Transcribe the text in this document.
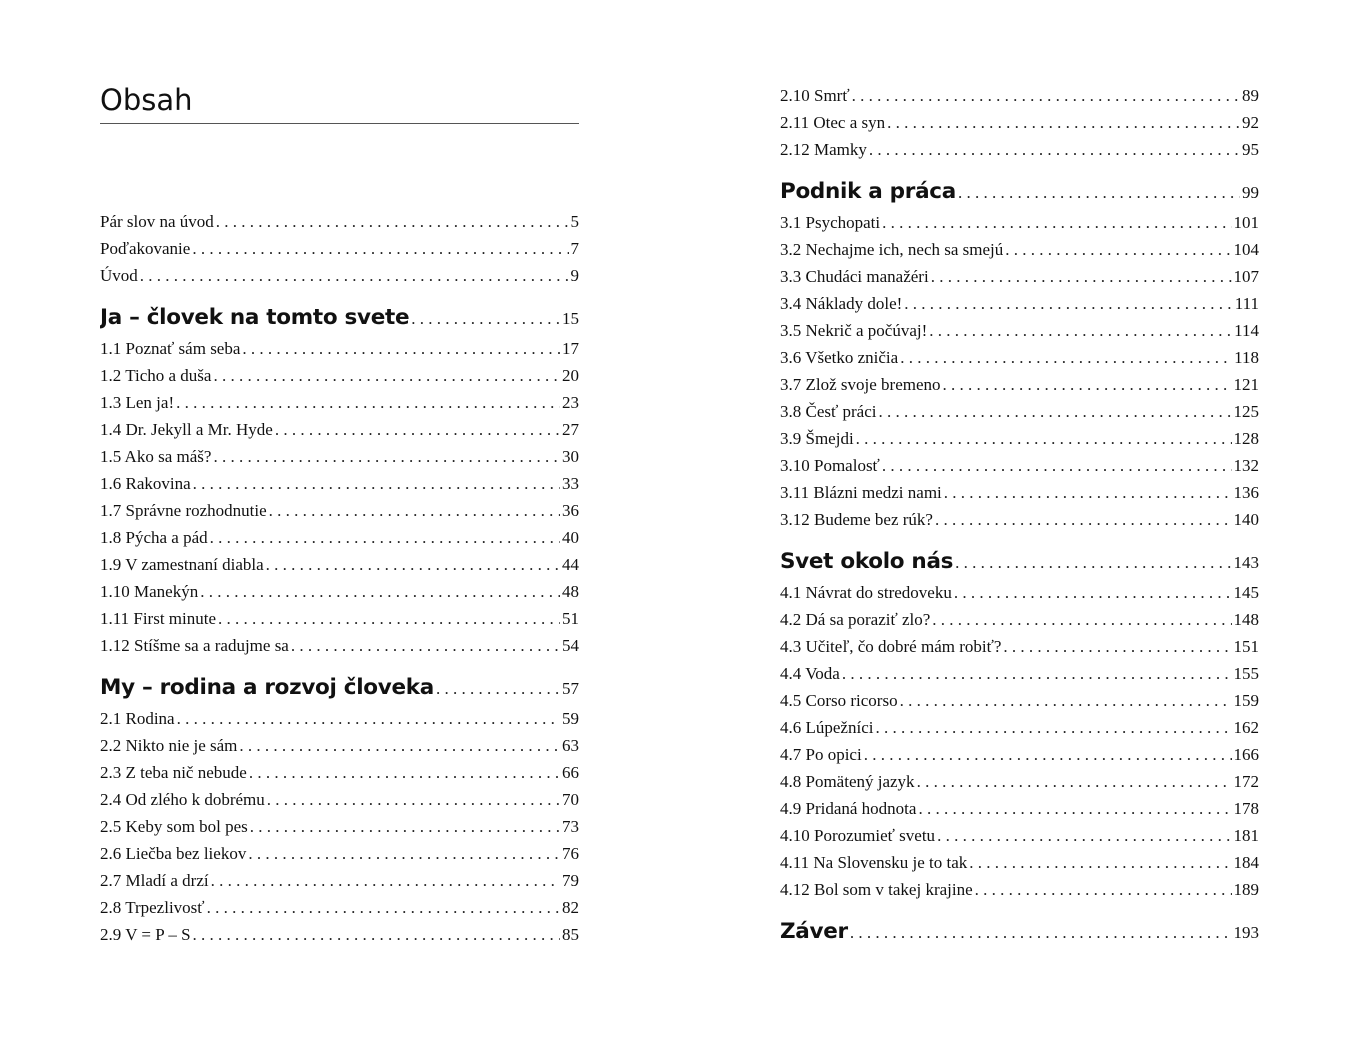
Obsah
Pár slov na úvod . . .	5
Poďakovanie . . .	7
Úvod . . .	9
Ja – človek na tomto svete . . .	15
1.1 Poznať sám seba . . .	17
1.2 Ticho a duša . . .	20
1.3 Len ja! . . .	23
1.4 Dr. Jekyll a Mr. Hyde . . .	27
1.5 Ako sa máš? . . .	30
1.6 Rakovina . . .	33
1.7 Správne rozhodnutie . . .	36
1.8 Pýcha a pád . . .	40
1.9 V zamestnaní diabla . . .	44
1.10 Manekýn . . .	48
1.11 First minute . . .	51
1.12 Stíšme sa a radujme sa . . .	54
My – rodina a rozvoj človeka . . .	57
2.1 Rodina . . .	59
2.2 Nikto nie je sám . . .	63
2.3 Z teba nič nebude . . .	66
2.4 Od zlého k dobrému . . .	70
2.5 Keby som bol pes . . .	73
2.6 Liečba bez liekov . . .	76
2.7 Mladí a drzí . . .	79
2.8 Trpezlivosť . . .	82
2.9 V = P – S . . .	85
2.10 Smrť . . .	89
2.11 Otec a syn . . .	92
2.12 Mamky . . .	95
Podnik a práca . . .	99
3.1 Psychopati . . .	101
3.2 Nechajme ich, nech sa smejú . . .	104
3.3 Chudáci manažéri . . .	107
3.4 Náklady dole! . . .	111
3.5 Nekrič a počúvaj! . . .	114
3.6 Všetko zničia . . .	118
3.7 Zlož svoje bremeno . . .	121
3.8 Česť práci . . .	125
3.9 Šmejdi . . .	128
3.10 Pomalosť . . .	132
3.11 Blázni medzi nami . . .	136
3.12 Budeme bez rúk? . . .	140
Svet okolo nás . . .	143
4.1 Návrat do stredoveku . . .	145
4.2 Dá sa poraziť zlo? . . .	148
4.3 Učiteľ, čo dobré mám robiť? . . .	151
4.4 Voda . . .	155
4.5 Corso ricorso . . .	159
4.6 Lúpežníci . . .	162
4.7 Po opici . . .	166
4.8 Pomätený jazyk . . .	172
4.9 Pridaná hodnota . . .	178
4.10 Porozumieť svetu . . .	181
4.11 Na Slovensku je to tak . . .	184
4.12 Bol som v takej krajine . . .	189
Záver . . .	193
